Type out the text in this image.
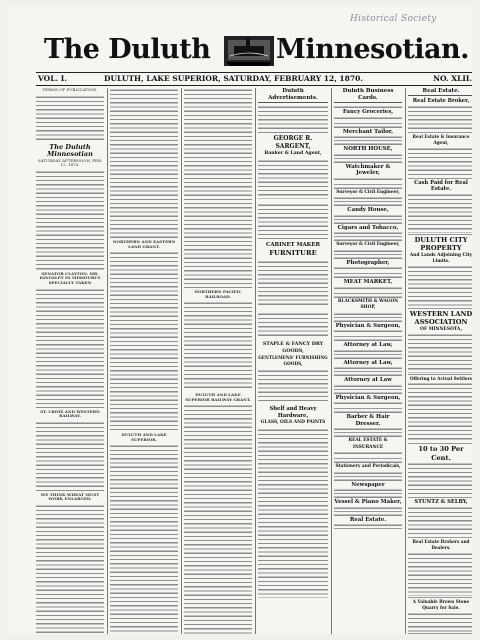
Historical Society
The Duluth Minnesotian.
VOL. I.	DULUTH, LAKE SUPERIOR, SATURDAY, FEBRUARY 12, 1870.	NO. XLII.
TERMS OF PUBLICATION.
The Duluth Minnesotian
SATURDAY AFTERNOON, FEB. 12, 1870.
SENATOR CLAYTON. MR. KINGSLEY IN MISSOURI'S SPECIALLY TAKEN
ST. CROIX AND WESTERN RAILWAY.
WE THINK WHEAT MUST WORK ENLARGED.
NORTHERN AND EASTERN LAND GRANT.
DULUTH AND LAKE SUPERIOR.
NORTHERN PACIFIC RAILROAD.
DULUTH AND LAKE SUPERIOR RAILWAY GRANT.
Duluth Advertisements.
GEORGE R. SARGENT,
Banker & Land Agent,
CABINET MAKER
FURNITURE
STAPLE & FANCY DRY GOODS,
GENTLEMENS' FURNISHING GOODS,
Shelf and Heavy Hardware,
GLASS, OILS AND PAINTS
Duluth Business Cards.
Fancy Groceries,
Merchant Tailor,
NORTH HOUSE,
Watchmaker & Jeweler,
Surveyor & Civil Engineer,
Candy House,
Cigars and Tobacco,
Surveyor & Civil Engineer,
Photographer,
MEAT MARKET,
BLACKSMITH & WAGON SHOP,
Physician & Surgeon,
Attorney at Law,
Attorney at Law,
Attorney at Law
Physician & Surgeon,
Barber & Hair Dresser,
REAL ESTATE & INSURANCE
Stationery and Periodicals,
Newspaper
Vessel & Piano Maker,
Real Estate.
Real Estate.
Real Estate Broker,
Real Estate & Insurance Agent,
Cash Paid for Real Estate.
DULUTH CITY PROPERTY
And Lands Adjoining City Limits.
WESTERN LAND ASSOCIATION
OF MINNESOTA,
Offering to Actual Settlers
10 to 30 Per Cent.
STUNTZ & SELBY,
Real Estate Brokers and Dealers.
A Valuable Brown Stone Quarry for Sale.
